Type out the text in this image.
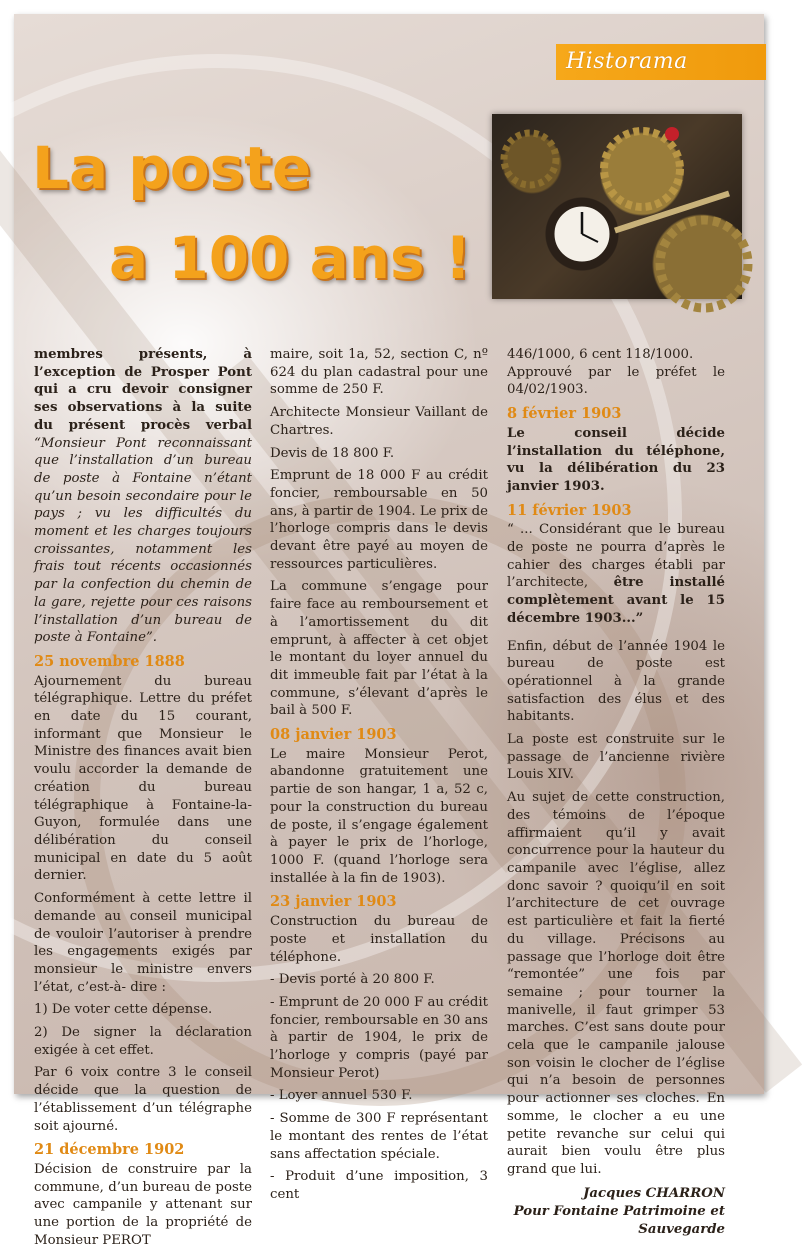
Historama
La poste
a 100 ans !

membres présents, à l’exception de Prosper Pont qui a cru devoir consigner ses observations à la suite du présent procès verbal “Monsieur Pont reconnaissant que l’installation d’un bureau de poste à Fontaine n’étant qu’un besoin secondaire pour le pays ; vu les difficultés du moment et les charges toujours croissantes, notamment les frais tout récents occasionnés par la confection du chemin de la gare, rejette pour ces raisons l’installation d’un bureau de poste à Fontaine”.

25 novembre 1888

Ajournement du bureau télégraphique. Lettre du préfet en date du 15 courant, informant que Monsieur le Ministre des finances avait bien voulu accorder la demande de création du bureau télégraphique à Fontaine-la-Guyon, formulée dans une délibération du conseil municipal en date du 5 août dernier.

Conformément à cette lettre il demande au conseil municipal de vouloir l’autoriser à prendre les engagements exigés par monsieur le ministre envers l’état, c’est-à- dire :

1) De voter cette dépense.

2) De signer la déclaration exigée à cet effet.

Par 6 voix contre 3 le conseil décide que la question de l’établissement d’un télégraphe soit ajourné.

21 décembre 1902

Décision de construire par la commune, d’un bureau de poste avec campanile y attenant sur une portion de la propriété de Monsieur PEROT

maire, soit 1a, 52, section C, nº 624 du plan cadastral pour une somme de 250 F.

Architecte Monsieur Vaillant de Chartres.

Devis de 18 800 F.

Emprunt de 18 000 F au crédit foncier, remboursable en 50 ans, à partir de 1904. Le prix de l’horloge compris dans le devis devant être payé au moyen de ressources particulières.

La commune s’engage pour faire face au remboursement et à l’amortissement du dit emprunt, à affecter à cet objet le montant du loyer annuel du dit immeuble fait par l’état à la commune, s’élevant d’après le bail à 500 F.

08 janvier 1903

Le maire Monsieur Perot, abandonne gratuitement une partie de son hangar, 1 a, 52 c, pour la construction du bureau de poste, il s’engage également à payer le prix de l’horloge, 1000 F. (quand l’horloge sera installée à la fin de 1903).

23 janvier 1903

Construction du bureau de poste et installation du téléphone.

- Devis porté à 20 800 F.

- Emprunt de 20 000 F au crédit foncier, remboursable en 30 ans à partir de 1904, le prix de l’horloge y compris (payé par Monsieur Perot)

- Loyer annuel 530 F.

- Somme de 300 F représentant le montant des rentes de l’état sans affectation spéciale.

- Produit d’une imposition, 3 cent

446/1000, 6 cent 118/1000.

Approuvé par le préfet le 04/02/1903.

8 février 1903

Le conseil décide l’installation du téléphone, vu la délibération du 23 janvier 1903.

11 février 1903

“ ... Considérant que le bureau de poste ne pourra d’après le cahier des charges établi par l’architecte, être installé complètement avant le 15 décembre 1903...”

Enfin, début de l’année 1904 le bureau de poste est opérationnel à la grande satisfaction des élus et des habitants.

La poste est construite sur le passage de l’ancienne rivière Louis XIV.

Au sujet de cette construction, des témoins de l’époque affirmaient qu’il y avait concurrence pour la hauteur du campanile avec l’église, allez donc savoir ? quoiqu’il en soit l’architecture de cet ouvrage est particulière et fait la fierté du village. Précisons au passage que l’horloge doit être “remontée” une fois par semaine ; pour tourner la manivelle, il faut grimper 53 marches. C’est sans doute pour cela que le campanile jalouse son voisin le clocher de l’église qui n’a besoin de personnes pour actionner ses cloches. En somme, le clocher a eu une petite revanche sur celui qui aurait bien voulu être plus grand que lui.

Jacques CHARRON
Pour Fontaine Patrimoine et
Sauvegarde
